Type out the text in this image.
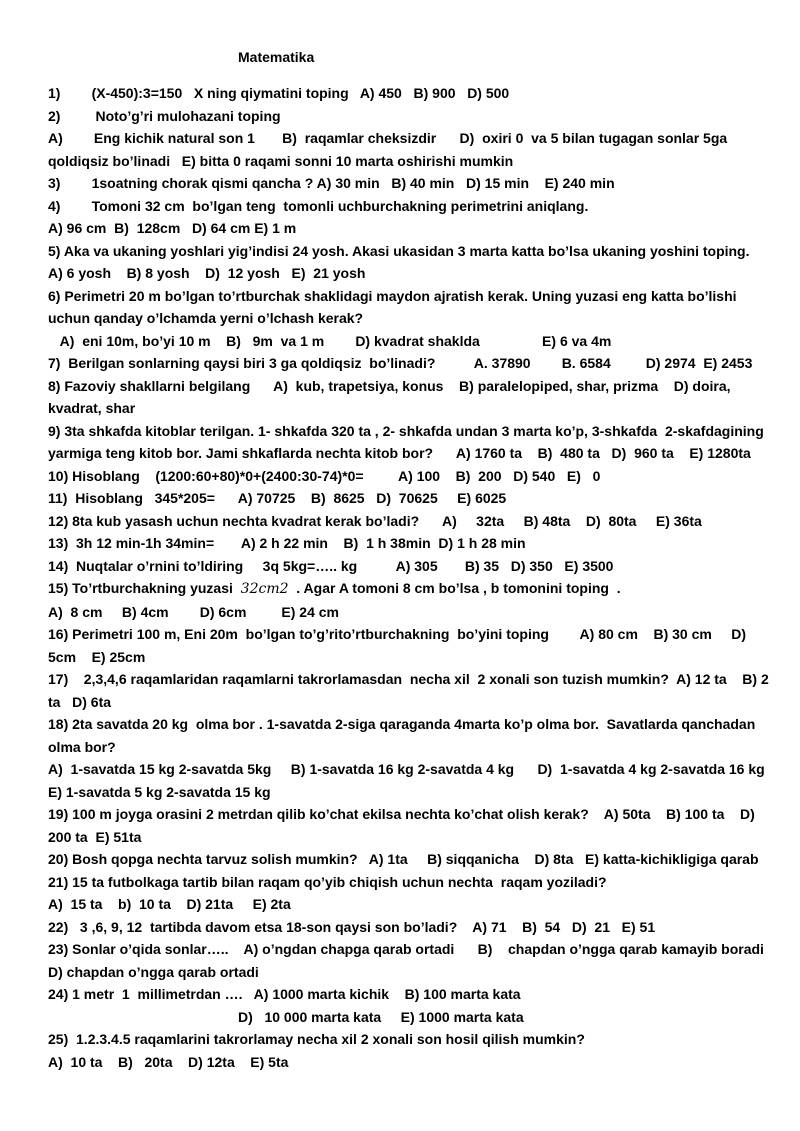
Matematika
1)        (X-450):3=150   X ning qiymatini toping   A) 450   B) 900   D) 500
2)         Noto’g’ri mulohazani toping
A)        Eng kichik natural son 1       B)  raqamlar cheksizdir      D)  oxiri 0  va 5 bilan tugagan sonlar 5ga qoldiqsiz bo’linadi   E) bitta 0 raqami sonni 10 marta oshirishi mumkin
3)        1soatning chorak qismi qancha ? A) 30 min   B) 40 min   D) 15 min    E) 240 min
4)        Tomoni 32 cm  bo’lgan teng  tomonli uchburchakning perimetrini aniqlang.
A) 96 cm  B)  128cm   D) 64 cm E) 1 m
5) Aka va ukaning yoshlari yig’indisi 24 yosh. Akasi ukasidan 3 marta katta bo’lsa ukaning yoshini toping.
A) 6 yosh    B) 8 yosh    D)  12 yosh   E)  21 yosh
6) Perimetri 20 m bo’lgan to’rtburchak shaklidagi maydon ajratish kerak. Uning yuzasi eng katta bo’lishi uchun qanday o’lchamda yerni o’lchash kerak?
A)  eni 10m, bo’yi 10 m    B)   9m  va 1 m        D) kvadrat shaklda                E) 6 va 4m
7)  Berilgan sonlarning qaysi biri 3 ga qoldiqsiz  bo’linadi?          A. 37890        B. 6584         D) 2974  E) 2453
8) Fazoviy shakllarni belgilang      A)  kub, trapetsiya, konus    B) paralelopiped, shar, prizma    D) doira, kvadrat, shar
9) 3ta shkafda kitoblar terilgan. 1- shkafda 320 ta , 2- shkafda undan 3 marta ko’p, 3-shkafda  2-skafdagining yarmiga teng kitob bor. Jami shkaflarda nechta kitob bor?      A) 1760 ta    B)  480 ta   D)  960 ta    E) 1280ta
10) Hisoblang    (1200:60+80)*0+(2400:30-74)*0=         A) 100    B)  200   D) 540   E)   0
11)  Hisoblang   345*205=      A) 70725    B)  8625   D)  70625     E) 6025
12) 8ta kub yasash uchun nechta kvadrat kerak bo’ladi?      A)     32ta     B) 48ta    D)  80ta     E) 36ta
13)  3h 12 min-1h 34min=       A) 2 h 22 min    B)  1 h 38min  D) 1 h 28 min
14)  Nuqtalar o’rnini to’ldiring     3q 5kg=….. kg          A) 305       B) 35   D) 350   E) 3500
15) To’rtburchakning yuzasi  32𝑐𝑚2  . Agar A tomoni 8 cm bo’lsa , b tomonini toping  .
A)  8 cm     B) 4cm        D) 6cm         E) 24 cm
16) Perimetri 100 m, Eni 20m  bo’lgan to’g’rito’rtburchakning  bo’yini toping        A) 80 cm    B) 30 cm     D) 5cm    E) 25cm
17)    2,3,4,6 raqamlaridan raqamlarni takrorlamasdan  necha xil  2 xonali son tuzish mumkin?  A) 12 ta    B) 2 ta   D) 6ta
18) 2ta savatda 20 kg  olma bor . 1-savatda 2-siga qaraganda 4marta ko’p olma bor.  Savatlarda qanchadan olma bor?
A)  1-savatda 15 kg 2-savatda 5kg     B) 1-savatda 16 kg 2-savatda 4 kg      D)  1-savatda 4 kg 2-savatda 16 kg   E) 1-savatda 5 kg 2-savatda 15 kg
19) 100 m joyga orasini 2 metrdan qilib ko’chat ekilsa nechta ko’chat olish kerak?    A) 50ta    B) 100 ta    D) 200 ta  E) 51ta
20) Bosh qopga nechta tarvuz solish mumkin?   A) 1ta     B) siqqanicha    D) 8ta   E) katta-kichikligiga qarab
21) 15 ta futbolkaga tartib bilan raqam qo’yib chiqish uchun nechta  raqam yoziladi?
A)  15 ta    b)  10 ta    D) 21ta     E) 2ta
22)   3 ,6, 9, 12  tartibda davom etsa 18-son qaysi son bo’ladi?    A) 71    B)  54   D)  21   E) 51
23) Sonlar o’qida sonlar…..    A) o’ngdan chapga qarab ortadi      B)    chapdan o’ngga qarab kamayib boradi  D) chapdan o’ngga qarab ortadi
24) 1 metr  1  millimetrdan ….   A) 1000 marta kichik    B) 100 marta kata
D)   10 000 marta kata     E) 1000 marta kata
25)  1.2.3.4.5 raqamlarini takrorlamay necha xil 2 xonali son hosil qilish mumkin?
A)  10 ta    B)   20ta    D) 12ta    E) 5ta
